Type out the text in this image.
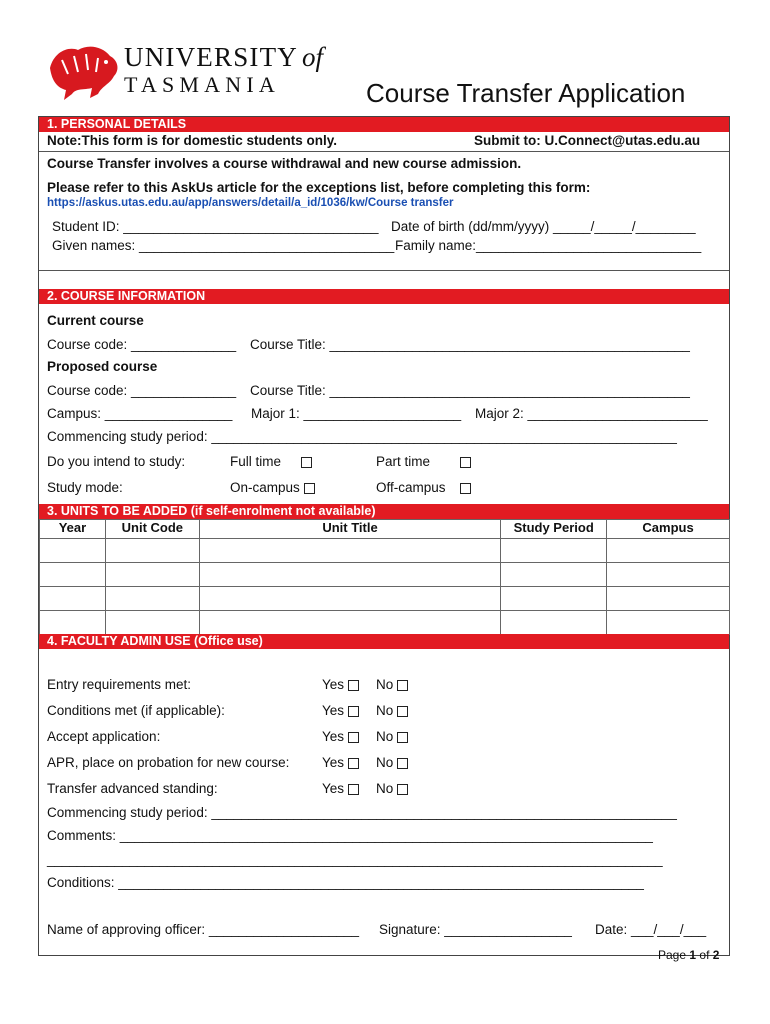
UNIVERSITY of
TASMANIA	Course Transfer Application
1. PERSONAL DETAILS
Note:This form is for domestic students only.	Submit to: U.Connect@utas.edu.au
Course Transfer involves a course withdrawal and new course admission.
Please refer to this AskUs article for the exceptions list, before completing this form:
https://askus.utas.edu.au/app/answers/detail/a_id/1036/kw/Course transfer
Student ID: __________________________________ Date of birth (dd/mm/yyyy) _____/_____/________
Given names: __________________________________ Family name:______________________________
2. COURSE INFORMATION
Current course
Course code: ______________ Course Title: ________________________________________________
Proposed course
Course code: ______________ Course Title: ________________________________________________
Campus: _________________ Major 1: _____________________ Major 2: ________________________
Commencing study period: ______________________________________________________________
Do you intend to study:	Full time	Part time
Study mode:	On-campus	Off-campus
3. UNITS TO BE ADDED (if self-enrolment not available)
Year	Unit Code	Unit Title	Study Period	Campus

4. FACULTY ADMIN USE (Office use)
Entry requirements met:	Yes	No
Conditions met (if applicable):	Yes	No
Accept application:	Yes	No
APR, place on probation for new course: Yes	No
Transfer advanced standing:	Yes	No
Commencing study period: ______________________________________________________________
Comments: _______________________________________________________________________
__________________________________________________________________________________
Conditions: ______________________________________________________________________
Name of approving officer: ____________________ Signature: _________________ Date: ___/___/___
Page 1 of 2
